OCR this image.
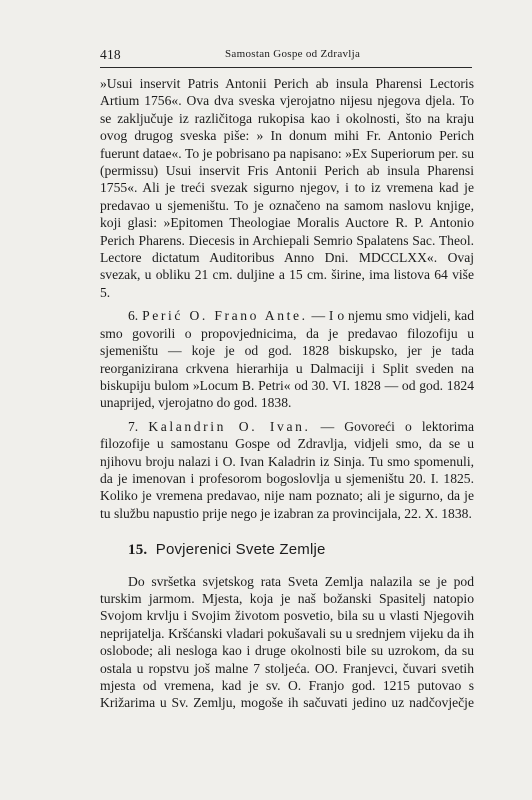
418	Samostan Gospe od Zdravlja

»Usui inservit Patris Antonii Perich ab insula Pharensi Lectoris Artium 1756«. Ova dva sveska vjerojatno nijesu njegova djela. To se zaključuje iz različitoga rukopisa kao i okolnosti, što na kraju ovog drugog sveska piše: » In donum mihi Fr. Antonio Perich fuerunt datae«. To je pobrisano pa napisano: »Ex Superiorum per. su (permissu) Usui inservit Fris Antonii Perich ab insula Pharensi 1755«. Ali je treći svezak sigurno njegov, i to iz vremena kad je predavao u sjemeništu. To je označeno na samom naslovu knjige, koji glasi: »Epitomen Theologiae Moralis Auctore R. P. Antonio Perich Pharens. Diecesis in Archiepali Semrio Spalatens Sac. Theol. Lectore dictatum Auditoribus Anno Dni. MDCCLXX«. Ovaj svezak, u obliku 21 cm. duljine a 15 cm. širine, ima listova 64 više 5.

6. Perić O. Frano Ante. — I o njemu smo vidjeli, kad smo govorili o propovjednicima, da je predavao filozofiju u sjemeništu — koje je od god. 1828 biskupsko, jer je tada reorganizirana crkvena hierarhija u Dalmaciji i Split sveden na biskupiju bulom »Locum B. Petri« od 30. VI. 1828 — od god. 1824 unaprijed, vjerojatno do god. 1838.

7. Kalandrin O. Ivan. — Govoreći o lektorima filozofije u samostanu Gospe od Zdravlja, vidjeli smo, da se u njihovu broju nalazi i O. Ivan Kaladrin iz Sinja. Tu smo spomenuli, da je imenovan i profesorom bogoslovlja u sjemeništu 20. I. 1825. Koliko je vremena predavao, nije nam poznato; ali je sigurno, da je tu službu napustio prije nego je izabran za provincijala, 22. X. 1838.

15. Povjerenici Svete Zemlje

Do svršetka svjetskog rata Sveta Zemlja nalazila se je pod turskim jarmom. Mjesta, koja je naš božanski Spasitelj natopio Svojom krvlju i Svojim životom posvetio, bila su u vlasti Njegovih neprijatelja. Kršćanski vladari pokušavali su u srednjem vijeku da ih oslobode; ali nesloga kao i druge okolnosti bile su uzrokom, da su ostala u ropstvu još malne 7 stoljeća. OO. Franjevci, čuvari svetih mjesta od vremena, kad je sv. O. Franjo god. 1215 putovao s Križarima u Sv. Zemlju, mogoše ih sačuvati jedino uz nadčovječje
